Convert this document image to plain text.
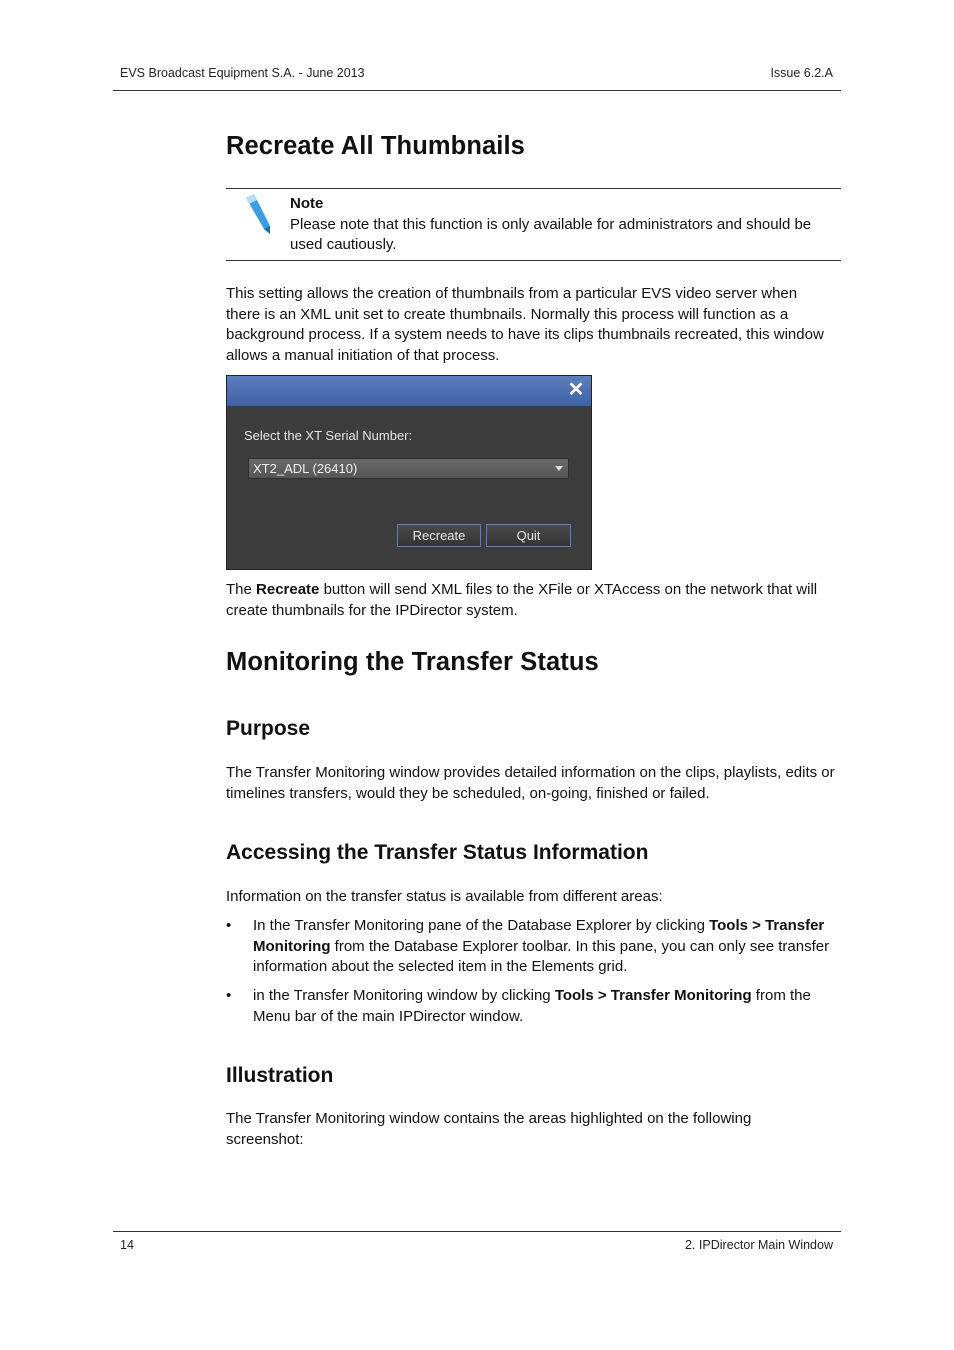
EVS Broadcast Equipment S.A. - June 2013	Issue 6.2.A
Recreate All Thumbnails
Note
Please note that this function is only available for administrators and should be used cautiously.
This setting allows the creation of thumbnails from a particular EVS video server when there is an XML unit set to create thumbnails. Normally this process will function as a background process. If a system needs to have its clips thumbnails recreated, this window allows a manual initiation of that process.
✕
Select the XT Serial Number:
XT2_ADL (26410)
Recreate	Quit
The Recreate button will send XML files to the XFile or XTAccess on the network that will create thumbnails for the IPDirector system.
Monitoring the Transfer Status
Purpose
The Transfer Monitoring window provides detailed information on the clips, playlists, edits or timelines transfers, would they be scheduled, on-going, finished or failed.
Accessing the Transfer Status Information
Information on the transfer status is available from different areas:
• In the Transfer Monitoring pane of the Database Explorer by clicking Tools > Transfer Monitoring from the Database Explorer toolbar. In this pane, you can only see transfer information about the selected item in the Elements grid.
• in the Transfer Monitoring window by clicking Tools > Transfer Monitoring from the Menu bar of the main IPDirector window.
Illustration
The Transfer Monitoring window contains the areas highlighted on the following screenshot:
14	2. IPDirector Main Window
